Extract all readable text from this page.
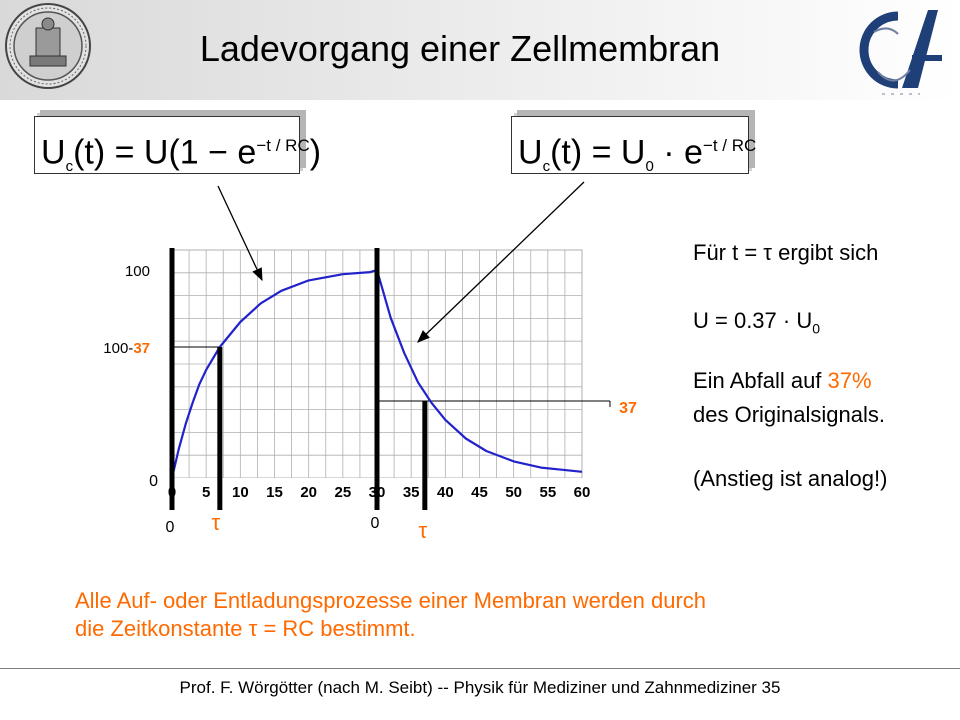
Ladevorgang einer Zellmembran
$U_c(t) = U(1 - e^{-t / RC})$	$U_c(t) = U_0 \cdot e^{-t / RC}$
0 5 10 15 20 25 30 35 40 45 50 55 60
100
100-37
0
37
0	0
τ	τ
Für t = τ ergibt sich
$U = 0.37 \cdot U_0$
Ein Abfall auf 37%
des Originalsignals.
(Anstieg ist analog!)
Alle Auf- oder Entladungsprozesse einer Membran werden durch
die Zeitkonstante τ = RC bestimmt.
Prof. F. Wörgötter (nach M. Seibt) -- Physik für Mediziner und Zahnmediziner 35
